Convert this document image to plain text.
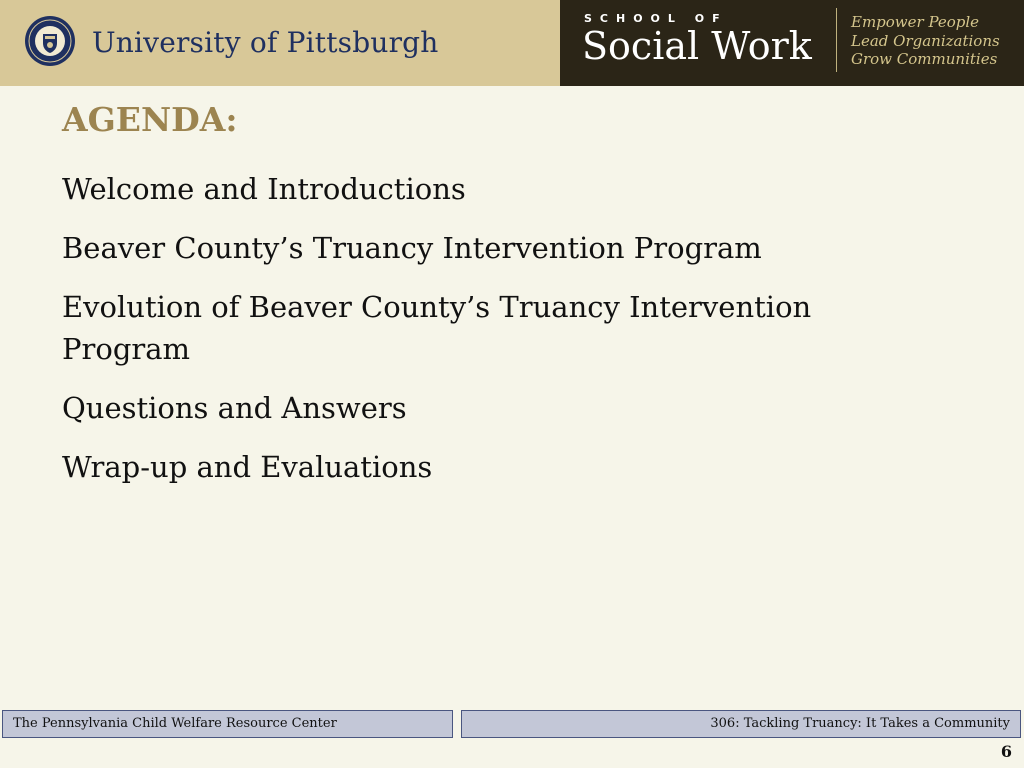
University of Pittsburgh
SCHOOL OF
Social Work
Empower People
Lead Organizations
Grow Communities
AGENDA:
Welcome and Introductions
Beaver County’s Truancy Intervention Program
Evolution of Beaver County’s Truancy Intervention Program
Questions and Answers
Wrap-up and Evaluations
The Pennsylvania Child Welfare Resource Center	306: Tackling Truancy: It Takes a Community
6
